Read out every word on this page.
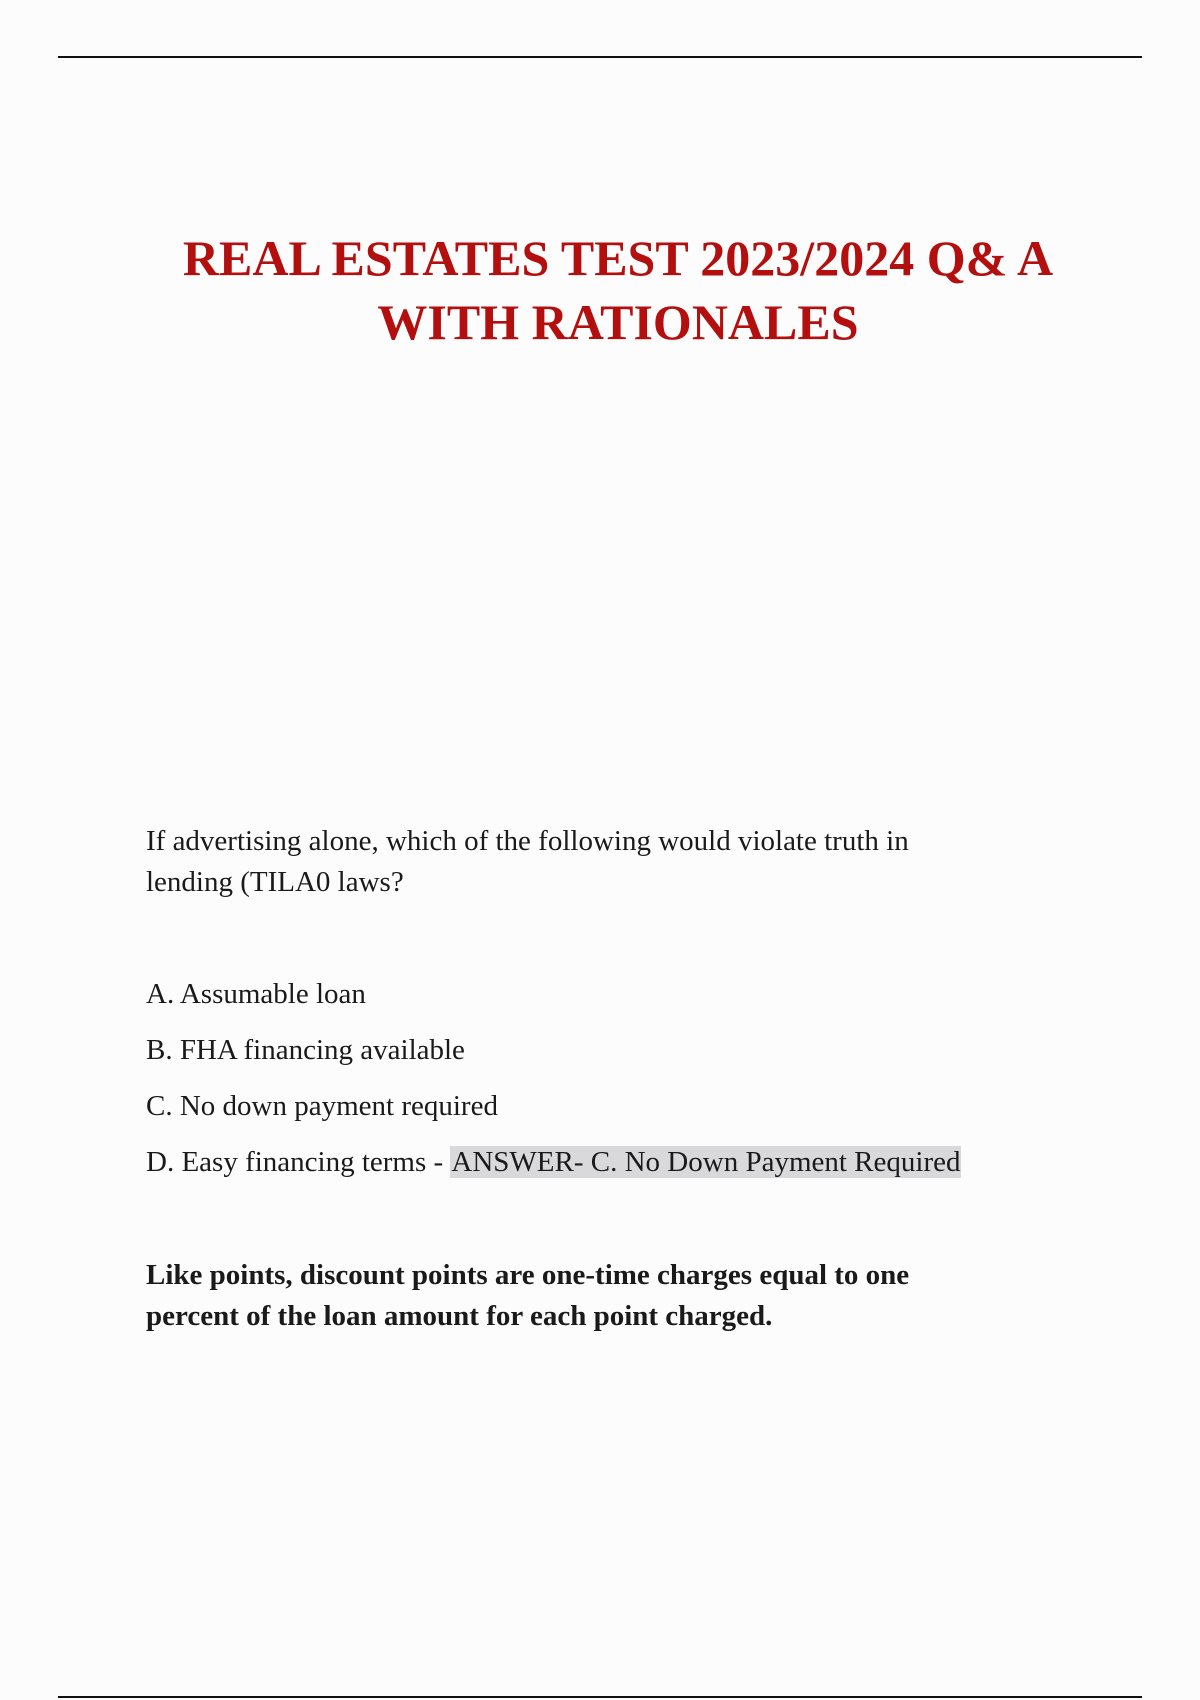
REAL ESTATES TEST 2023/2024 Q& A
WITH RATIONALES
If advertising alone, which of the following would violate truth in
lending (TILA0 laws?
A. Assumable loan
B. FHA financing available
C. No down payment required
D. Easy financing terms - ANSWER- C. No Down Payment Required
Like points, discount points are one-time charges equal to one
percent of the loan amount for each point charged.
